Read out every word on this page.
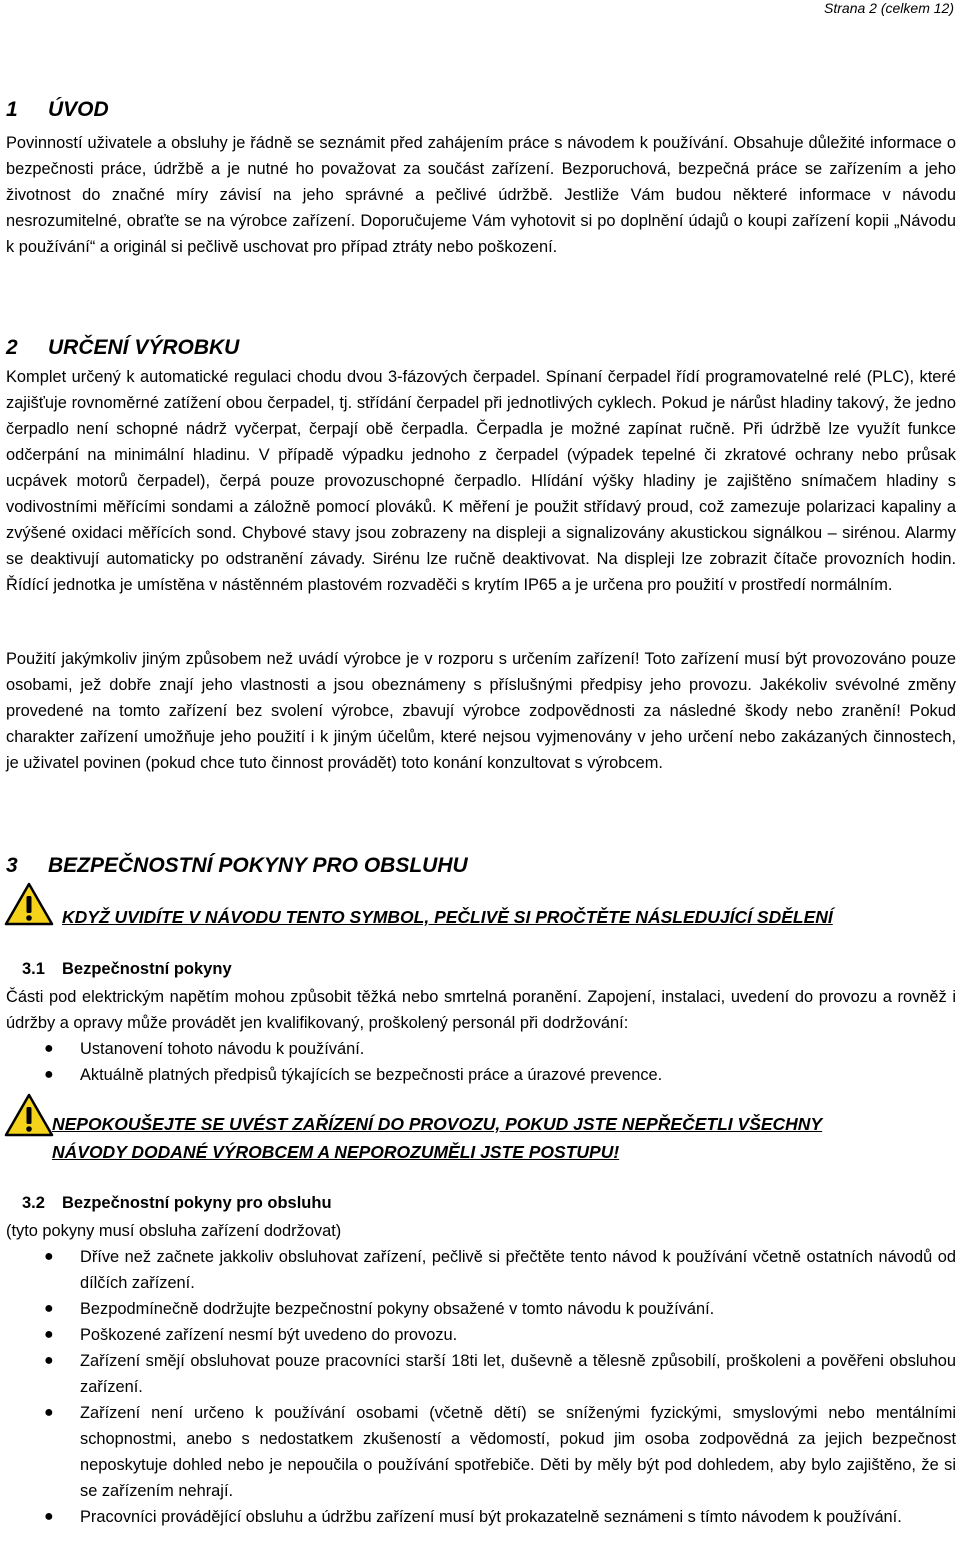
Strana 2 (celkem 12)
1 ÚVOD

Povinností uživatele a obsluhy je řádně se seznámit před zahájením práce s návodem k používání. Obsahuje důležité informace o bezpečnosti práce, údržbě a je nutné ho považovat za součást zařízení. Bezporuchová, bezpečná práce se zařízením a jeho životnost do značné míry závisí na jeho správné a pečlivé údržbě. Jestliže Vám budou některé informace v návodu nesrozumitelné, obraťte se na výrobce zařízení. Doporučujeme Vám vyhotovit si po doplnění údajů o koupi zařízení kopii „Návodu k používání“ a originál si pečlivě uschovat pro případ ztráty nebo poškození.

2 URČENÍ VÝROBKU

Komplet určený k automatické regulaci chodu dvou 3-fázových čerpadel. Spínaní čerpadel řídí programovatelné relé (PLC), které zajišťuje rovnoměrné zatížení obou čerpadel, tj. střídání čerpadel při jednotlivých cyklech. Pokud je nárůst hladiny takový, že jedno čerpadlo není schopné nádrž vyčerpat, čerpají obě čerpadla. Čerpadla je možné zapínat ručně. Při údržbě lze využít funkce odčerpání na minimální hladinu. V případě výpadku jednoho z čerpadel (výpadek tepelné či zkratové ochrany nebo průsak ucpávek motorů čerpadel), čerpá pouze provozuschopné čerpadlo. Hlídání výšky hladiny je zajištěno snímačem hladiny s vodivostními měřícími sondami a záložně pomocí plováků. K měření je použit střídavý proud, což zamezuje polarizaci kapaliny a zvýšené oxidaci měřících sond. Chybové stavy jsou zobrazeny na displeji a signalizovány akustickou signálkou – sirénou. Alarmy se deaktivují automaticky po odstranění závady. Sirénu lze ručně deaktivovat. Na displeji lze zobrazit čítače provozních hodin. Řídící jednotka je umístěna v nástěnném plastovém rozvaděči s krytím IP65 a je určena pro použití v prostředí normálním.

Použití jakýmkoliv jiným způsobem než uvádí výrobce je v rozporu s určením zařízení! Toto zařízení musí být provozováno pouze osobami, jež dobře znají jeho vlastnosti a jsou obeznámeny s příslušnými předpisy jeho provozu. Jakékoliv svévolné změny provedené na tomto zařízení bez svolení výrobce, zbavují výrobce zodpovědnosti za následné škody nebo zranění! Pokud charakter zařízení umožňuje jeho použití i k jiným účelům, které nejsou vyjmenovány v jeho určení nebo zakázaných činnostech, je uživatel povinen (pokud chce tuto činnost provádět) toto konání konzultovat s výrobcem.

3 BEZPEČNOSTNÍ POKYNY PRO OBSLUHU
KDYŽ UVIDÍTE V NÁVODU TENTO SYMBOL, PEČLIVĚ SI PROČTĚTE NÁSLEDUJÍCÍ SDĚLENÍ
3.1 Bezpečnostní pokyny

Části pod elektrickým napětím mohou způsobit těžká nebo smrtelná poranění. Zapojení, instalaci, uvedení do provozu a rovněž i údržby a opravy může provádět jen kvalifikovaný, proškolený personál při dodržování:

● Ustanovení tohoto návodu k používání.
● Aktuálně platných předpisů týkajících se bezpečnosti práce a úrazové prevence.
NEPOKOUŠEJTE SE UVÉST ZAŘÍZENÍ DO PROVOZU, POKUD JSTE NEPŘEČETLI VŠECHNY
NÁVODY DODANÉ VÝROBCEM A NEPOROZUMĚLI JSTE POSTUPU!
3.2 Bezpečnostní pokyny pro obsluhu

(tyto pokyny musí obsluha zařízení dodržovat)

● Dříve než začnete jakkoliv obsluhovat zařízení, pečlivě si přečtěte tento návod k používání včetně ostatních návodů od dílčích zařízení.
● Bezpodmínečně dodržujte bezpečnostní pokyny obsažené v tomto návodu k používání.
● Poškozené zařízení nesmí být uvedeno do provozu.
● Zařízení smějí obsluhovat pouze pracovníci starší 18ti let, duševně a tělesně způsobilí, proškoleni a pověřeni obsluhou zařízení.
● Zařízení není určeno k používání osobami (včetně dětí) se sníženými fyzickými, smyslovými nebo mentálními schopnostmi, anebo s nedostatkem zkušeností a vědomostí, pokud jim osoba zodpovědná za jejich bezpečnost neposkytuje dohled nebo je nepoučila o používání spotřebiče. Děti by měly být pod dohledem, aby bylo zajištěno, že si se zařízením nehrají.
● Pracovníci provádějící obsluhu a údržbu zařízení musí být prokazatelně seznámeni s tímto návodem k používání.
